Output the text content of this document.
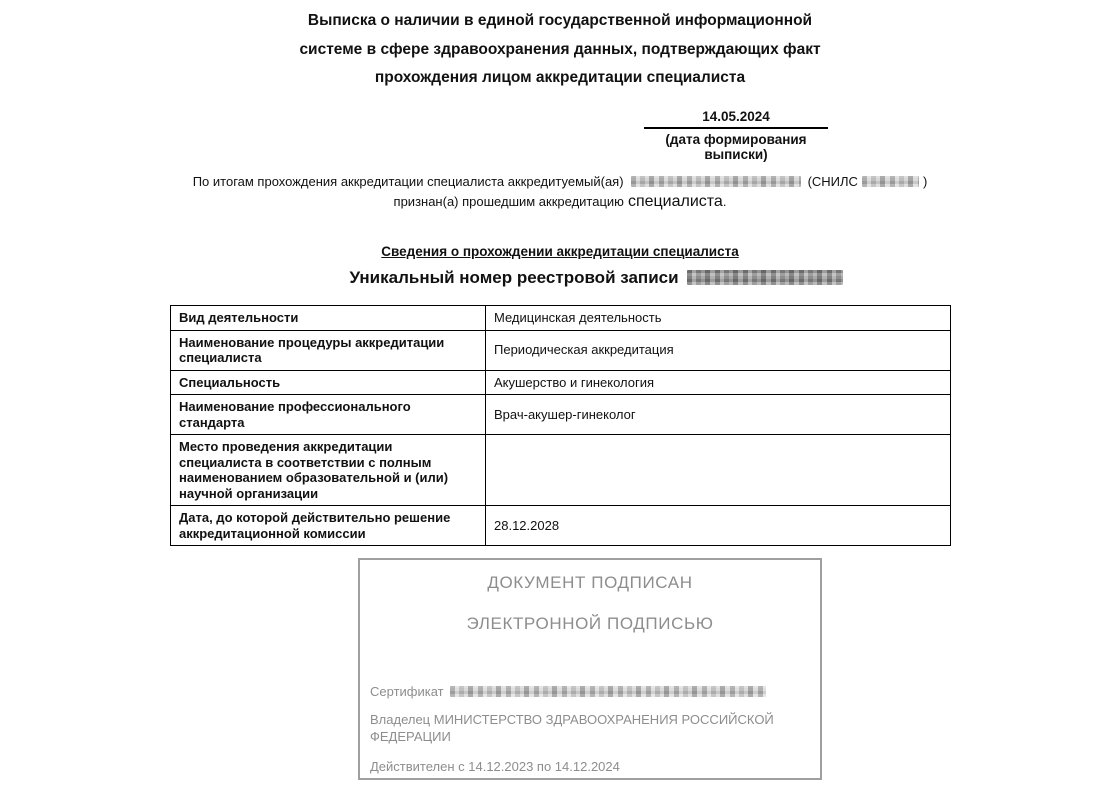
Выписка о наличии в единой государственной информационной
системе в сфере здравоохранения данных, подтверждающих факт
прохождения лицом аккредитации специалиста
14.05.2024
(дата формирования выписки)
По итогам прохождения аккредитации специалиста аккредитуемый(ая)	(СНИЛС	)
признан(а) прошедшим аккредитацию специалиста.
Сведения о прохождении аккредитации специалиста
Уникальный номер реестровой записи
Вид деятельности	Медицинская деятельность
Наименование процедуры аккредитации специалиста	Периодическая аккредитация
Специальность	Акушерство и гинекология
Наименование профессионального стандарта	Врач-акушер-гинеколог
Место проведения аккредитации специалиста в соответствии с полным наименованием образовательной и (или) научной организации	
Дата, до которой действительно решение аккредитационной комиссии	28.12.2028
ДОКУМЕНТ ПОДПИСАН
ЭЛЕКТРОННОЙ ПОДПИСЬЮ
Сертификат
Владелец МИНИСТЕРСТВО ЗДРАВООХРАНЕНИЯ РОССИЙСКОЙ ФЕДЕРАЦИИ
Действителен с 14.12.2023 по 14.12.2024
